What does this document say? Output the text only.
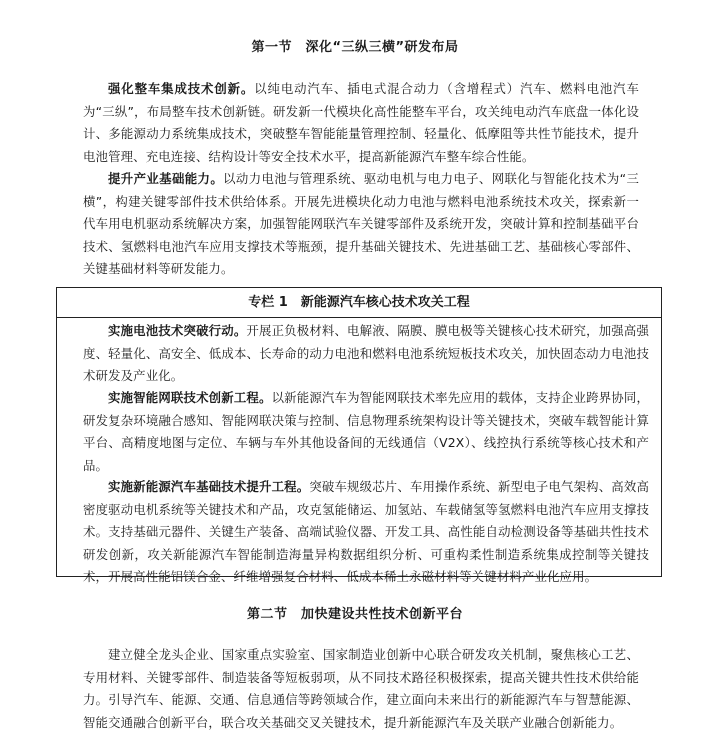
第一节　深化“三纵三横”研发布局
强化整车集成技术创新。以纯电动汽车、插电式混合动力（含增程式）汽车、燃料电池汽车为“三纵”，布局整车技术创新链。研发新一代模块化高性能整车平台，攻关纯电动汽车底盘一体化设计、多能源动力系统集成技术，突破整车智能能量管理控制、轻量化、低摩阻等共性节能技术，提升电池管理、充电连接、结构设计等安全技术水平，提高新能源汽车整车综合性能。
提升产业基础能力。以动力电池与管理系统、驱动电机与电力电子、网联化与智能化技术为“三横”，构建关键零部件技术供给体系。开展先进模块化动力电池与燃料电池系统技术攻关，探索新一代车用电机驱动系统解决方案，加强智能网联汽车关键零部件及系统开发，突破计算和控制基础平台技术、氢燃料电池汽车应用支撑技术等瓶颈，提升基础关键技术、先进基础工艺、基础核心零部件、关键基础材料等研发能力。
专栏 1　新能源汽车核心技术攻关工程
实施电池技术突破行动。开展正负极材料、电解液、隔膜、膜电极等关键核心技术研究，加强高强度、轻量化、高安全、低成本、长寿命的动力电池和燃料电池系统短板技术攻关，加快固态动力电池技术研发及产业化。
实施智能网联技术创新工程。以新能源汽车为智能网联技术率先应用的载体，支持企业跨界协同，研发复杂环境融合感知、智能网联决策与控制、信息物理系统架构设计等关键技术，突破车载智能计算平台、高精度地图与定位、车辆与车外其他设备间的无线通信（V2X）、线控执行系统等核心技术和产品。
实施新能源汽车基础技术提升工程。突破车规级芯片、车用操作系统、新型电子电气架构、高效高密度驱动电机系统等关键技术和产品，攻克氢能储运、加氢站、车载储氢等氢燃料电池汽车应用支撑技术。支持基础元器件、关键生产装备、高端试验仪器、开发工具、高性能自动检测设备等基础共性技术研发创新，攻关新能源汽车智能制造海量异构数据组织分析、可重构柔性制造系统集成控制等关键技术，开展高性能铝镁合金、纤维增强复合材料、低成本稀土永磁材料等关键材料产业化应用。
第二节　加快建设共性技术创新平台
建立健全龙头企业、国家重点实验室、国家制造业创新中心联合研发攻关机制，聚焦核心工艺、专用材料、关键零部件、制造装备等短板弱项，从不同技术路径积极探索，提高关键共性技术供给能力。引导汽车、能源、交通、信息通信等跨领域合作，建立面向未来出行的新能源汽车与智慧能源、智能交通融合创新平台，联合攻关基础交叉关键技术，提升新能源汽车及关联产业融合创新能力。
